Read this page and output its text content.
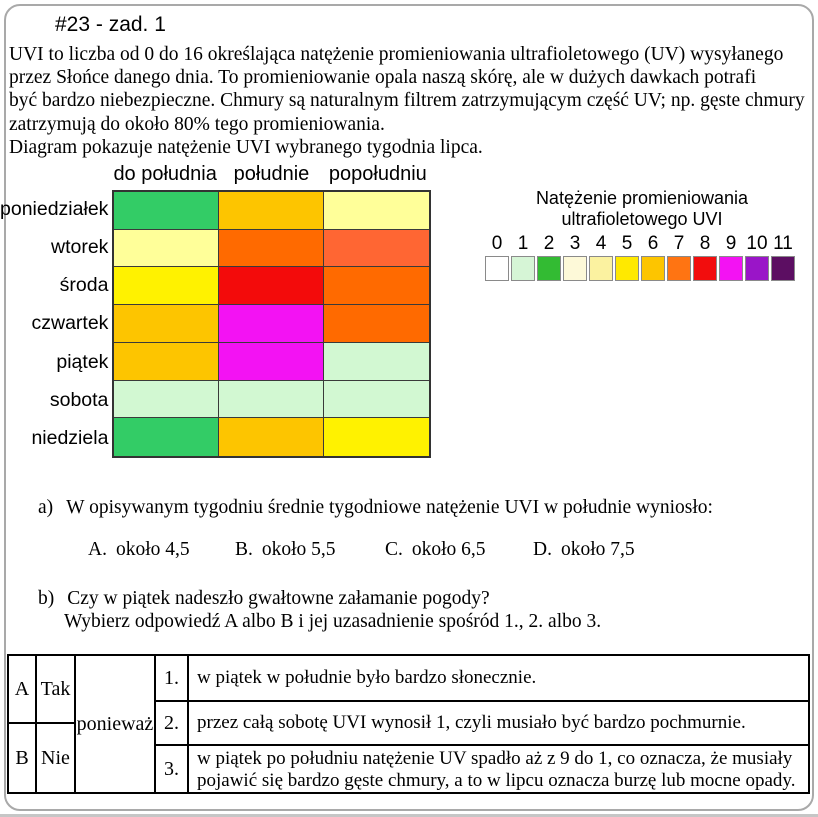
#23 - zad. 1
UVI to liczba od 0 do 16 określająca natężenie promieniowania ultrafioletowego (UV) wysyłanego
przez Słońce danego dnia. To promieniowanie opala naszą skórę, ale w dużych dawkach potrafi
być bardzo niebezpieczne. Chmury są naturalnym filtrem zatrzymującym część UV; np. gęste chmury
zatrzymują do około 80% tego promieniowania.
Diagram pokazuje natężenie UVI wybranego tygodnia lipca.
do południa południe popołudniu
poniedziałek
wtorek
środa
czwartek
piątek
sobota
niedziela
Natężenie promieniowania
ultrafioletowego UVI
0 1 2 3 4 5 6 7 8 9 10 11
a) W opisywanym tygodniu średnie tygodniowe natężenie UVI w południe wyniosło:
A. około 4,5 B. około 5,5	C. około 6,5 D. około 7,5
b) Czy w piątek nadeszło gwałtowne załamanie pogody?
Wybierz odpowiedź A albo B i jej uzasadnienie spośród 1., 2. albo 3.
A
B
Tak
Nie
ponieważ
1. w piątek w południe było bardzo słonecznie.
2. przez całą sobotę UVI wynosił 1, czyli musiało być bardzo pochmurnie.
3. w piątek po południu natężenie UV spadło aż z 9 do 1, co oznacza, że musiały pojawić się bardzo gęste chmury, a to w lipcu oznacza burzę lub mocne opady.
